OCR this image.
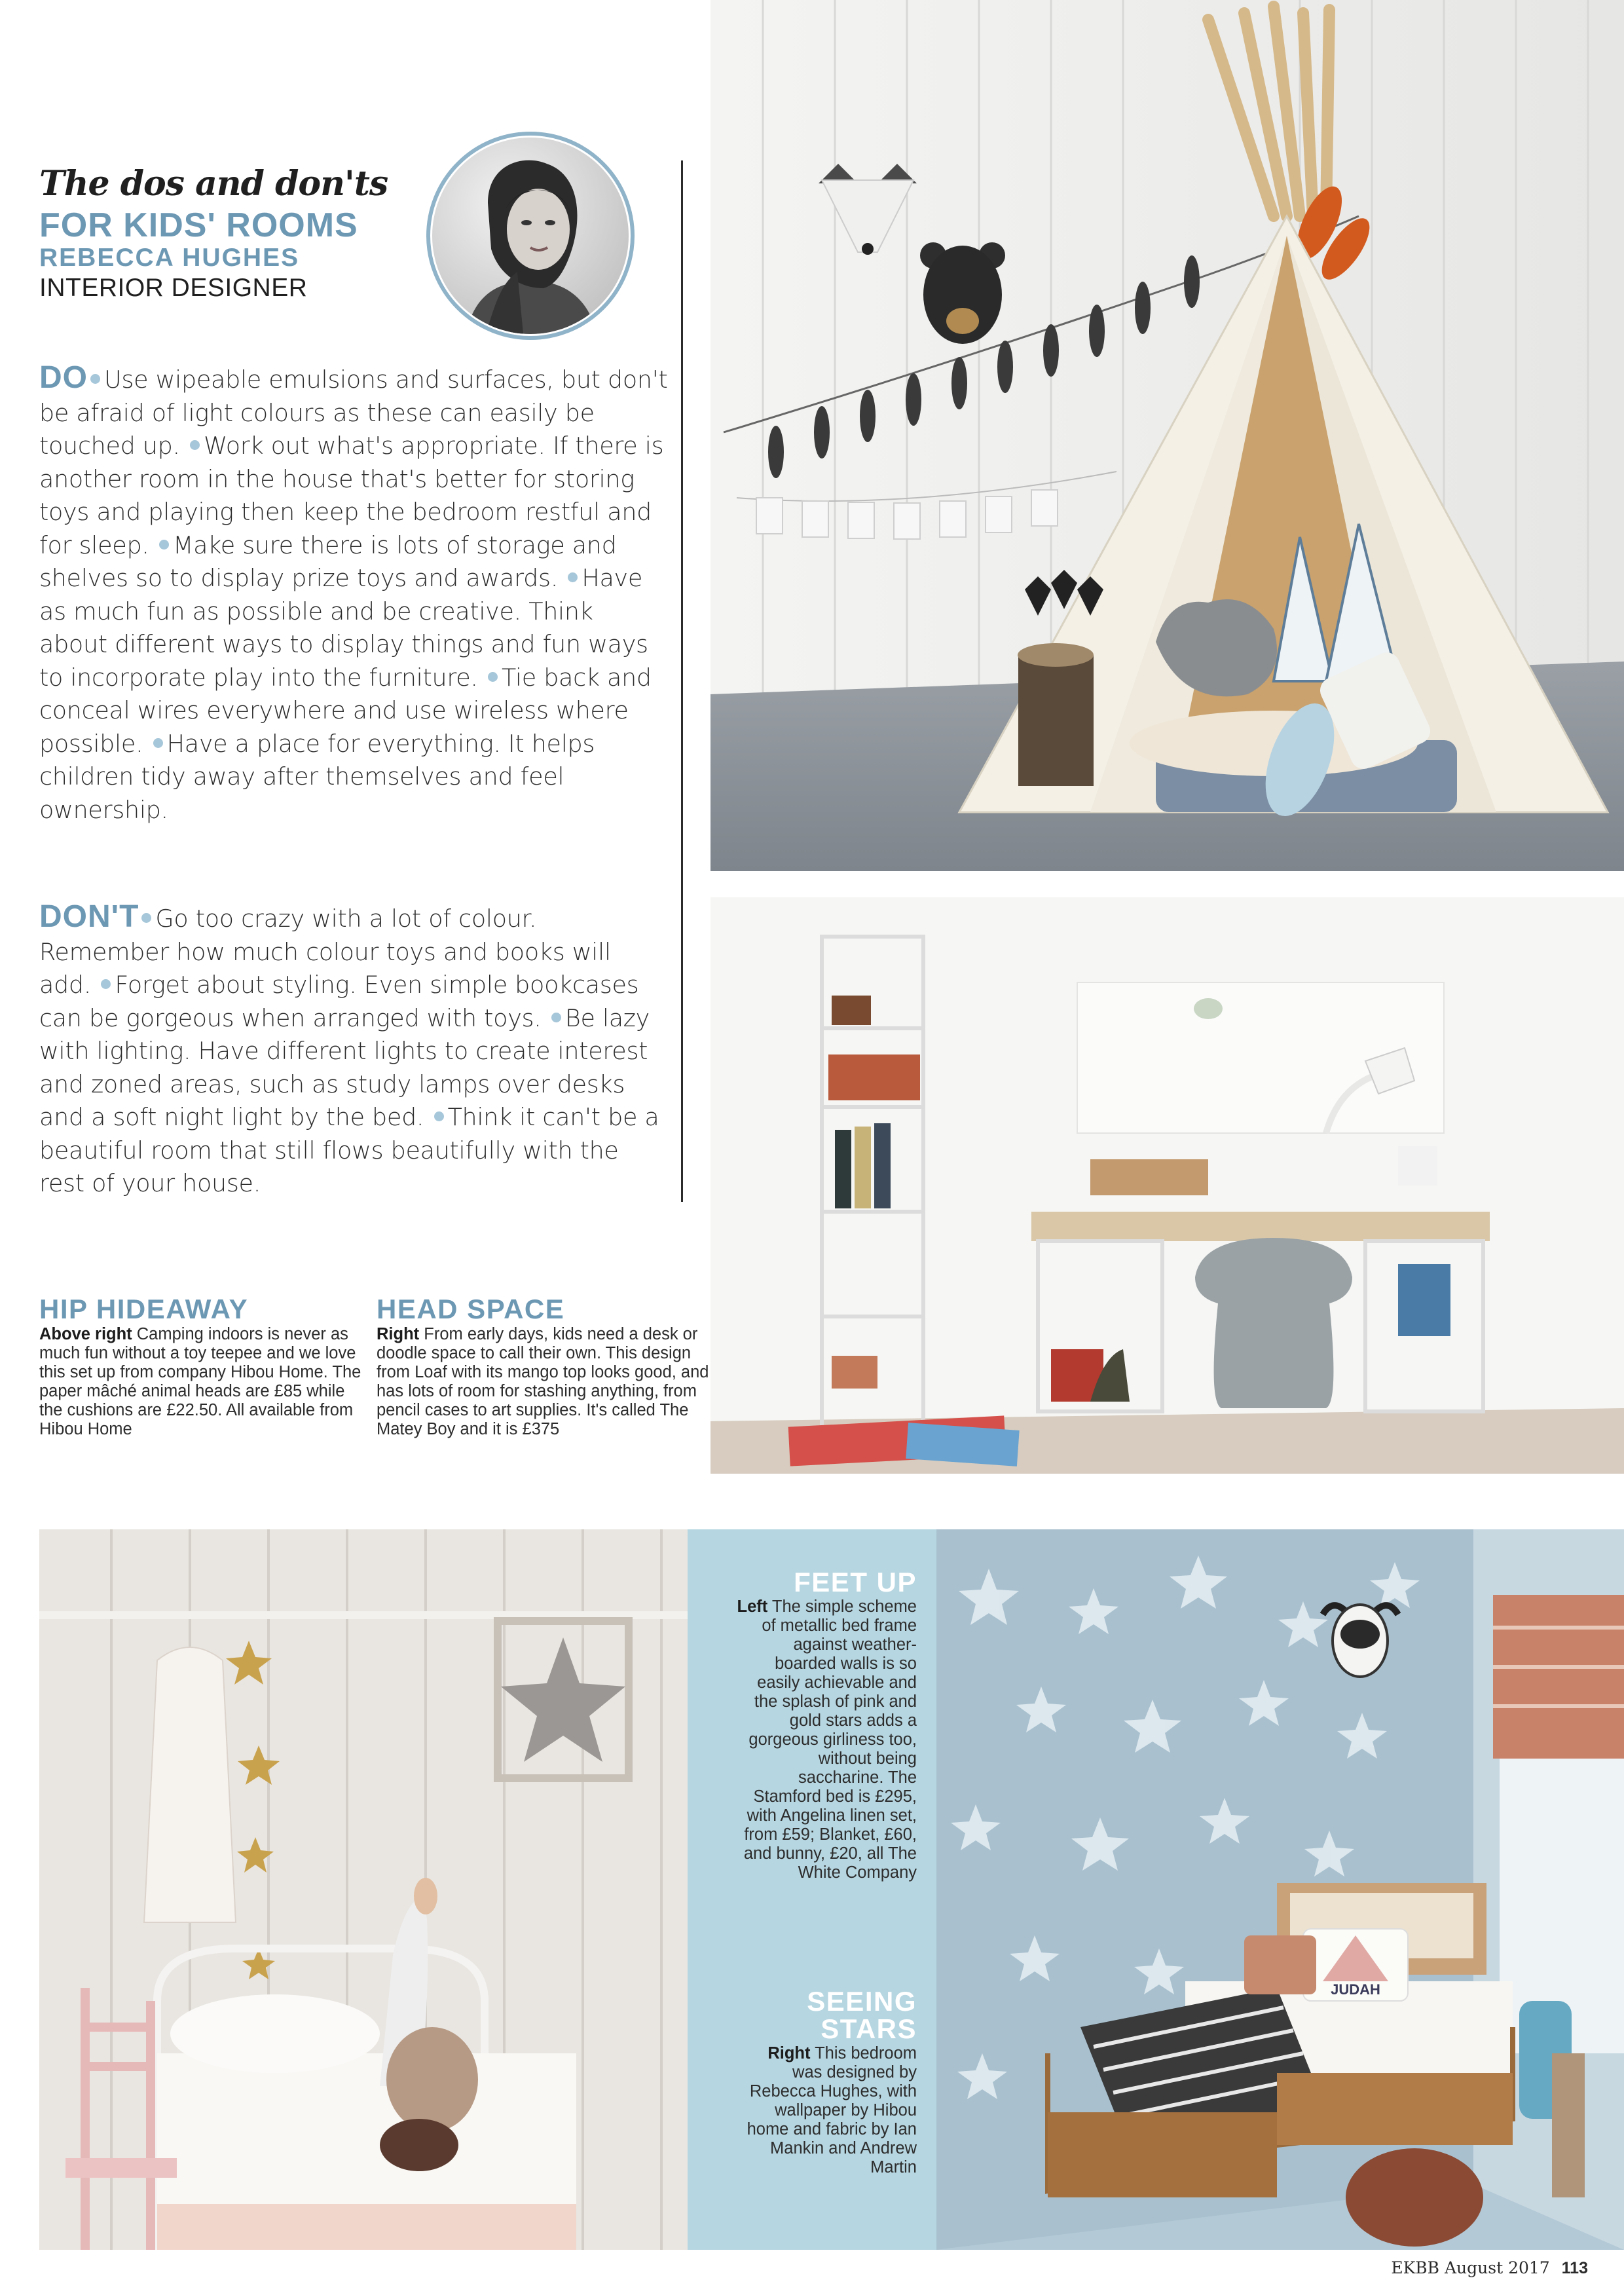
The dos and don'ts
FOR KIDS' ROOMS
REBECCA HUGHES
INTERIOR DESIGNER
DO Use wipeable emulsions and surfaces, but don't be afraid of light colours as these can easily be touched up. Work out what's appropriate. If there is another room in the house that's better for storing toys and playing then keep the bedroom restful and for sleep. Make sure there is lots of storage and shelves so to display prize toys and awards. Have as much fun as possible and be creative. Think about different ways to display things and fun ways to incorporate play into the furniture. Tie back and conceal wires everywhere and use wireless where possible. Have a place for everything. It helps children tidy away after themselves and feel ownership.
DON'T Go too crazy with a lot of colour. Remember how much colour toys and books will add. Forget about styling. Even simple bookcases can be gorgeous when arranged with toys. Be lazy with lighting. Have different lights to create interest and zoned areas, such as study lamps over desks and a soft night light by the bed. Think it can't be a beautiful room that still flows beautifully with the rest of your house.
HIP HIDEAWAY
Above right Camping indoors is never as much fun without a toy teepee and we love this set up from company Hibou Home. The paper mâché animal heads are £85 while the cushions are £22.50. All available from Hibou Home
HEAD SPACE
Right From early days, kids need a desk or doodle space to call their own. This design from Loaf with its mango top looks good, and has lots of room for stashing anything, from pencil cases to art supplies. It's called The Matey Boy and it is £375
FEET UP
Left The simple scheme of metallic bed frame against weather-boarded walls is so easily achievable and the splash of pink and gold stars adds a gorgeous girliness too, without being saccharine. The Stamford bed is £295, with Angelina linen set, from £59; Blanket, £60, and bunny, £20, all The White Company
SEEING
STARS
Right This bedroom was designed by Rebecca Hughes, with wallpaper by Hibou home and fabric by Ian Mankin and Andrew Martin
JUDAH
EKBB August 2017 113
